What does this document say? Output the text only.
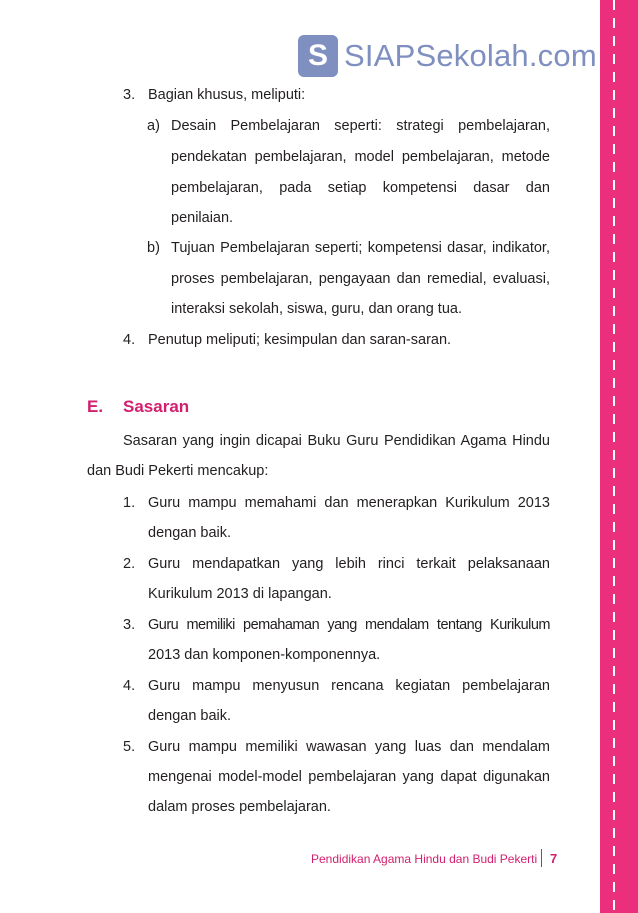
S SIAPSekolah.com
3. Bagian khusus, meliputi:
a) Desain Pembelajaran seperti: strategi pembelajaran,
pendekatan pembelajaran, model pembelajaran, metode
pembelajaran, pada setiap kompetensi dasar dan
penilaian.
b) Tujuan Pembelajaran seperti; kompetensi dasar, indikator,
proses pembelajaran, pengayaan dan remedial, evaluasi,
interaksi sekolah, siswa, guru, dan orang tua.
4. Penutup meliputi; kesimpulan dan saran-saran.
E. Sasaran
Sasaran yang ingin dicapai Buku Guru Pendidikan Agama Hindu
dan Budi Pekerti mencakup:
1. Guru mampu memahami dan menerapkan Kurikulum 2013
dengan baik.
2. Guru mendapatkan yang lebih rinci terkait pelaksanaan
Kurikulum 2013 di lapangan.
3. Guru memiliki pemahaman yang mendalam tentang Kurikulum
2013 dan komponen-komponennya.
4. Guru mampu menyusun rencana kegiatan pembelajaran
dengan baik.
5. Guru mampu memiliki wawasan yang luas dan mendalam
mengenai model-model pembelajaran yang dapat digunakan
dalam proses pembelajaran.
Pendidikan Agama Hindu dan Budi Pekerti 7
